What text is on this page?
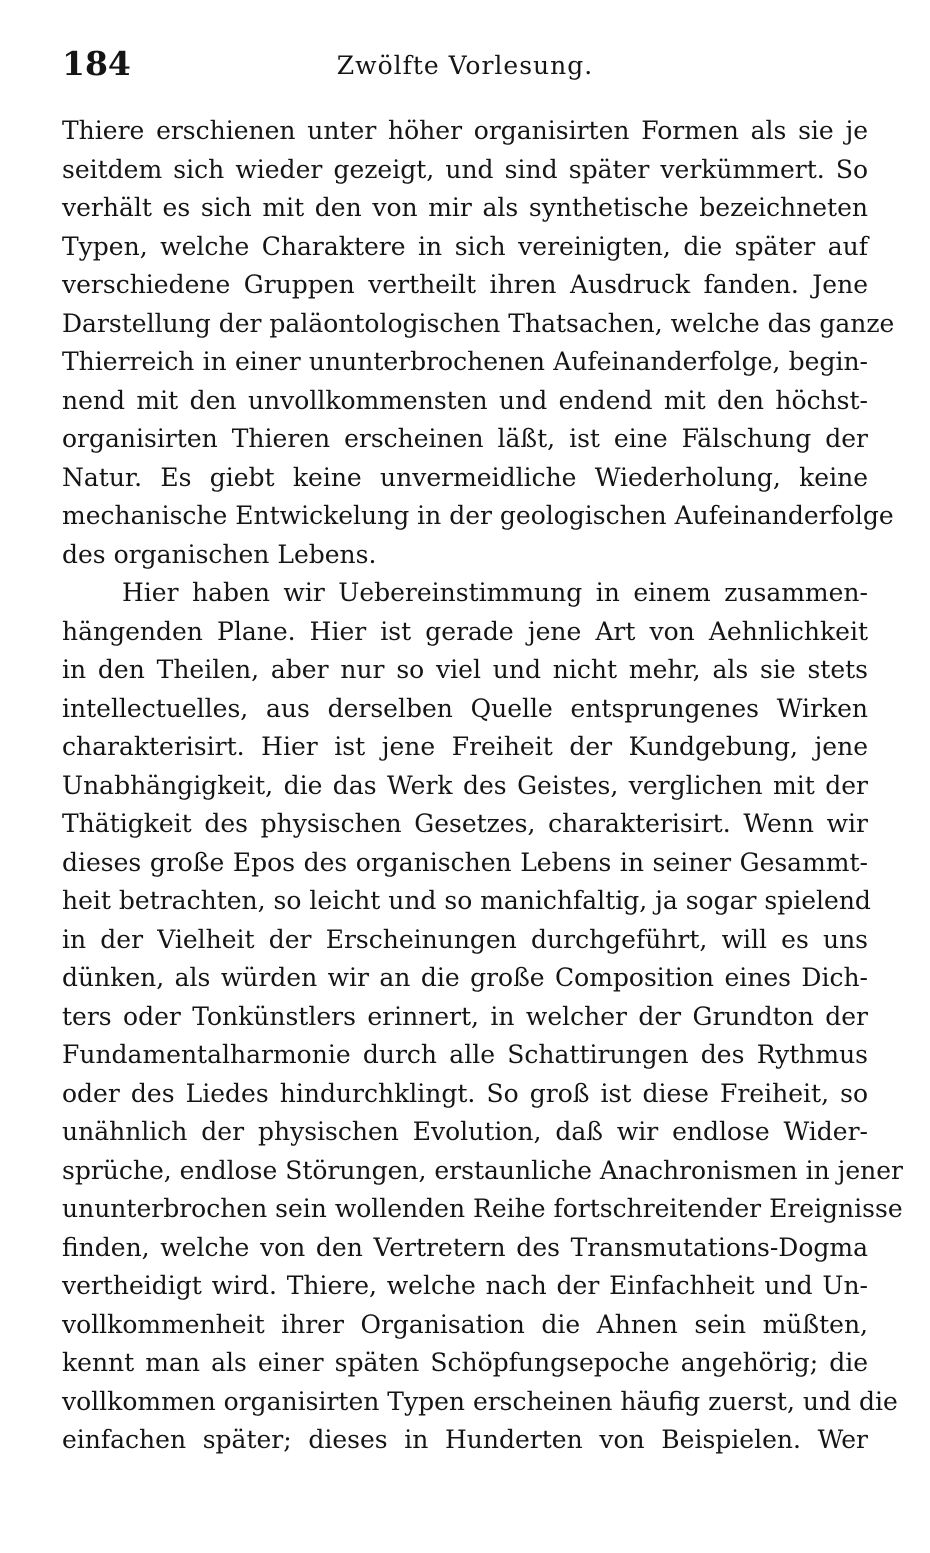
184	Zwölfte Vorlesung.
Thiere erschienen unter höher organisirten Formen als sie je
seitdem sich wieder gezeigt, und sind später verkümmert. So
verhält es sich mit den von mir als synthetische bezeichneten
Typen, welche Charaktere in sich vereinigten, die später auf
verschiedene Gruppen vertheilt ihren Ausdruck fanden. Jene
Darstellung der paläontologischen Thatsachen, welche das ganze
Thierreich in einer ununterbrochenen Aufeinanderfolge, begin-
nend mit den unvollkommensten und endend mit den höchst-
organisirten Thieren erscheinen läßt, ist eine Fälschung der
Natur. Es giebt keine unvermeidliche Wiederholung, keine
mechanische Entwickelung in der geologischen Aufeinanderfolge
des organischen Lebens.
Hier haben wir Uebereinstimmung in einem zusammen-
hängenden Plane. Hier ist gerade jene Art von Aehnlichkeit
in den Theilen, aber nur so viel und nicht mehr, als sie stets
intellectuelles, aus derselben Quelle entsprungenes Wirken
charakterisirt. Hier ist jene Freiheit der Kundgebung, jene
Unabhängigkeit, die das Werk des Geistes, verglichen mit der
Thätigkeit des physischen Gesetzes, charakterisirt. Wenn wir
dieses große Epos des organischen Lebens in seiner Gesammt-
heit betrachten, so leicht und so manichfaltig, ja sogar spielend
in der Vielheit der Erscheinungen durchgeführt, will es uns
dünken, als würden wir an die große Composition eines Dich-
ters oder Tonkünstlers erinnert, in welcher der Grundton der
Fundamentalharmonie durch alle Schattirungen des Rythmus
oder des Liedes hindurchklingt. So groß ist diese Freiheit, so
unähnlich der physischen Evolution, daß wir endlose Wider-
sprüche, endlose Störungen, erstaunliche Anachronismen in jener
ununterbrochen sein wollenden Reihe fortschreitender Ereignisse
finden, welche von den Vertretern des Transmutations-Dogma
vertheidigt wird. Thiere, welche nach der Einfachheit und Un-
vollkommenheit ihrer Organisation die Ahnen sein müßten,
kennt man als einer späten Schöpfungsepoche angehörig; die
vollkommen organisirten Typen erscheinen häufig zuerst, und die
einfachen später; dieses in Hunderten von Beispielen. Wer
